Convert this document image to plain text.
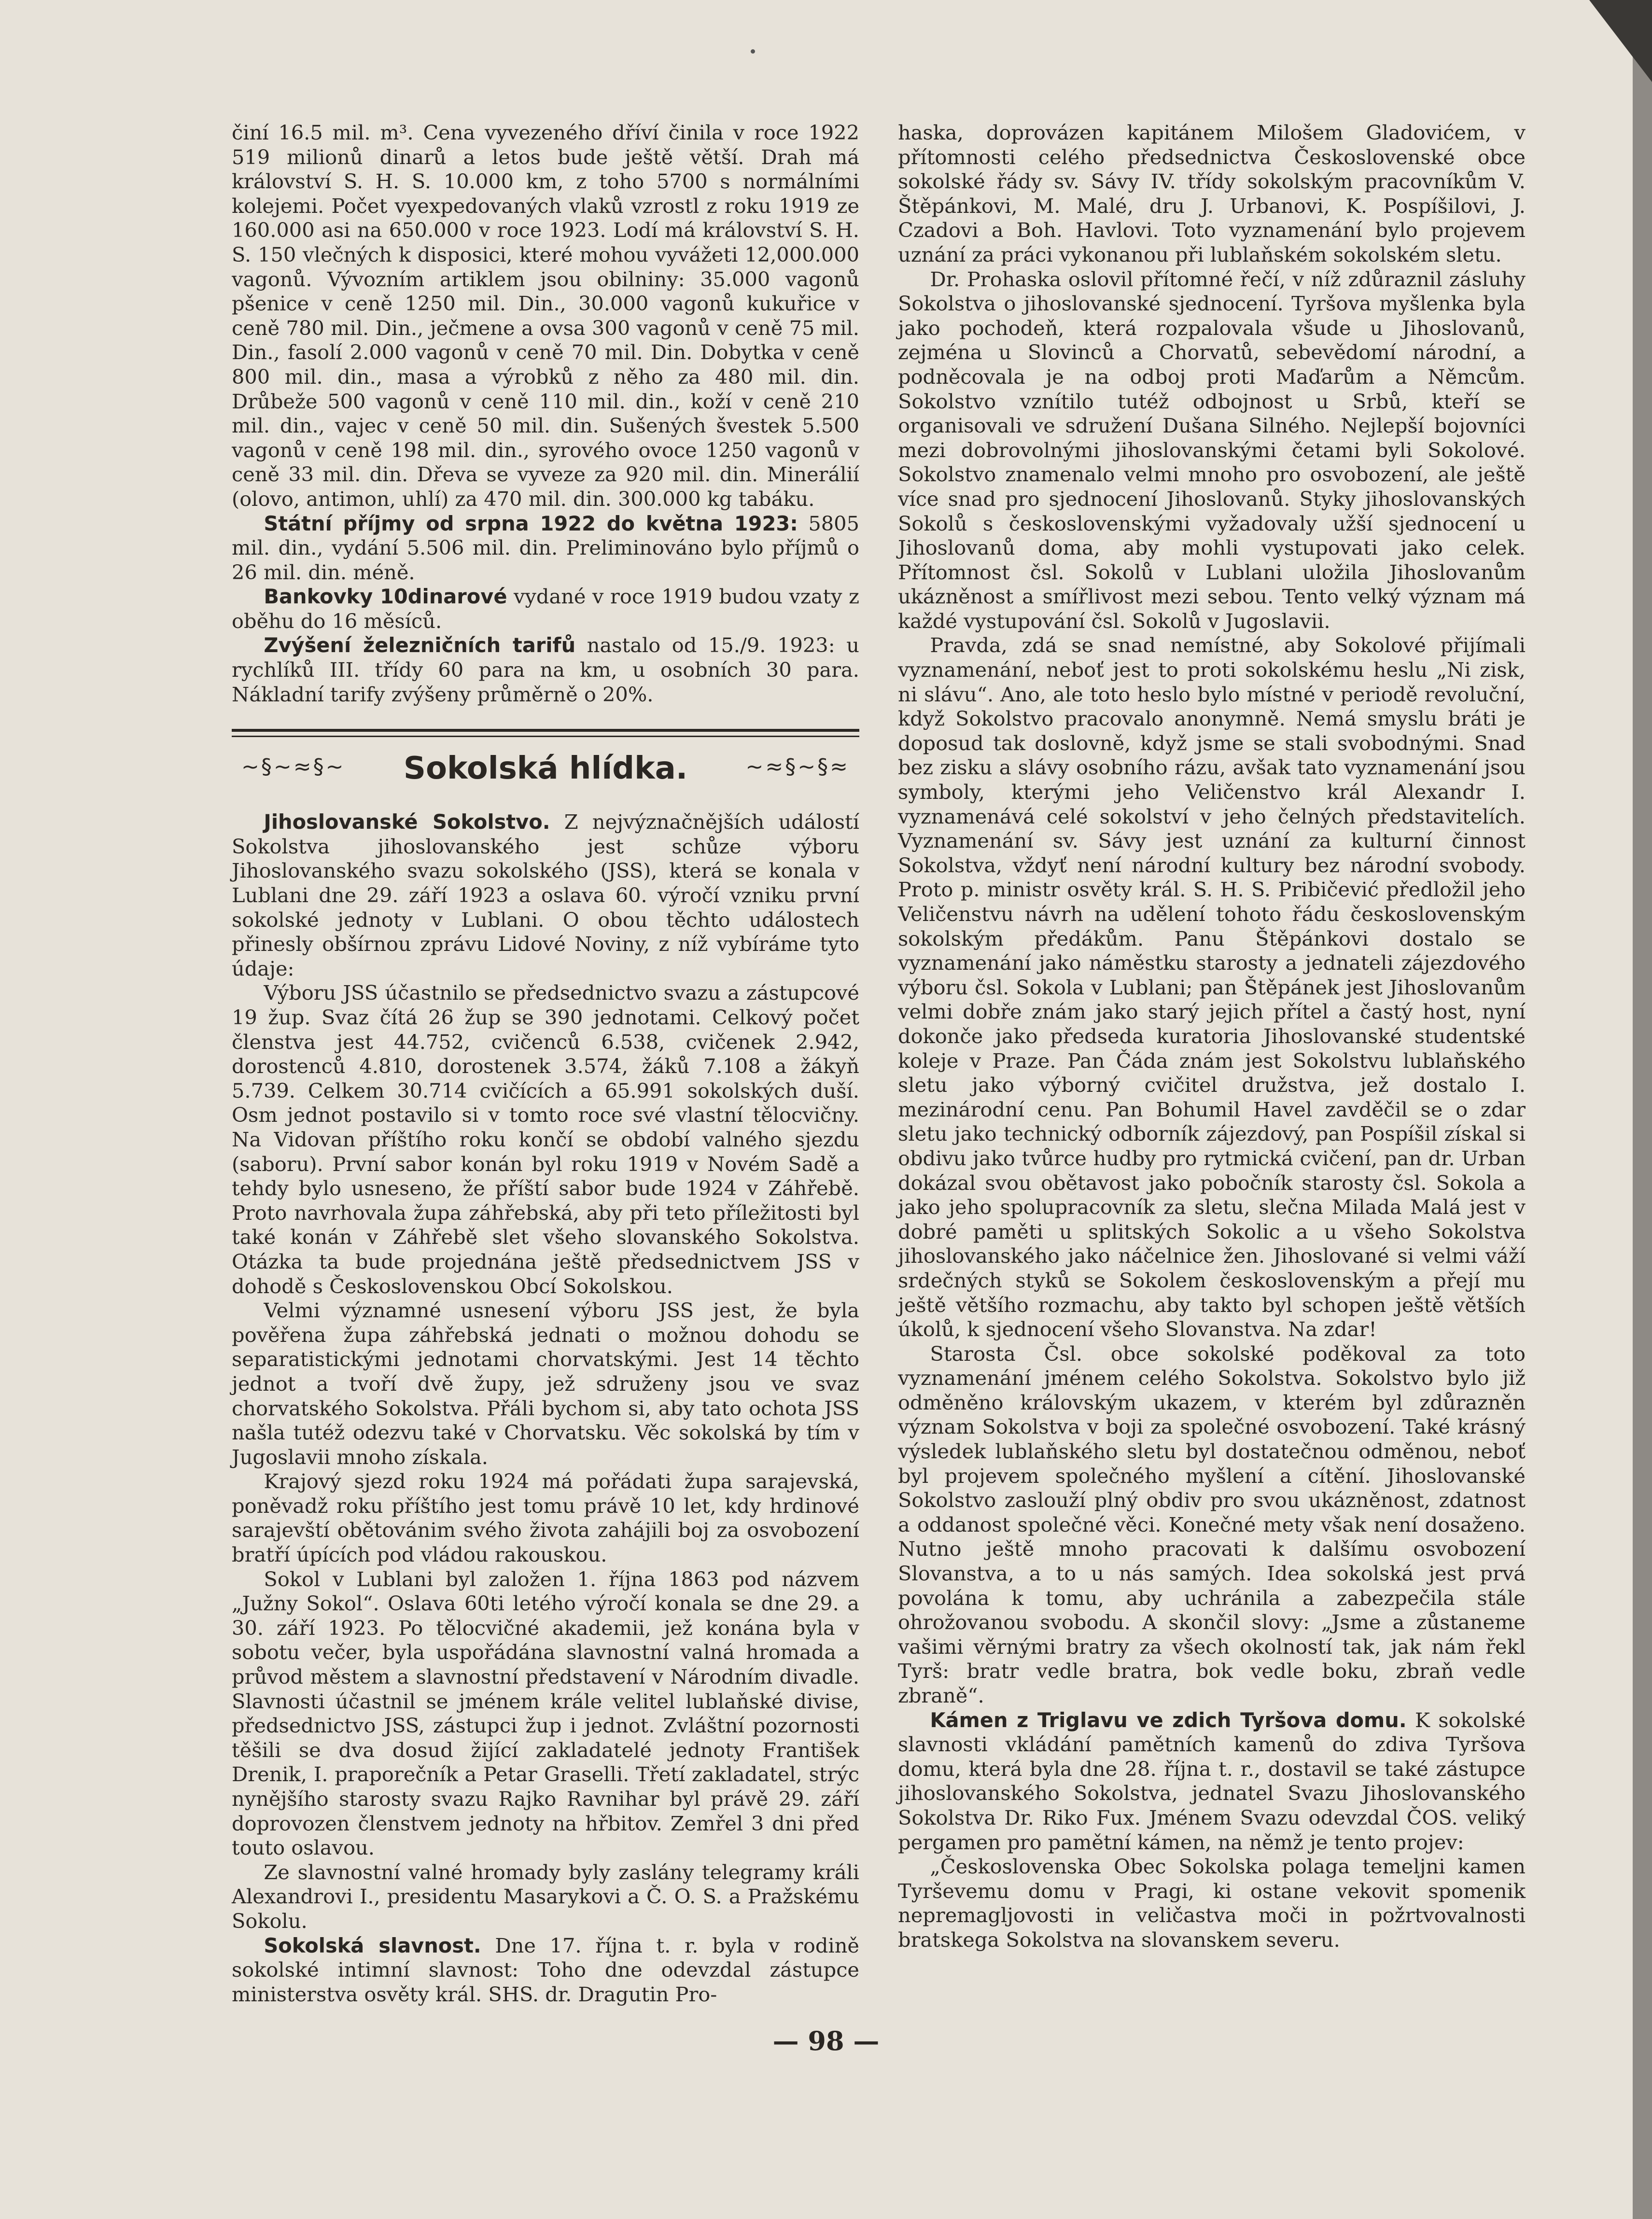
činí 16.5 mil. m³. Cena vyvezeného dříví činila v roce 1922 519 milionů dinarů a letos bude ještě větší. Drah má království S. H. S. 10.000 km, z toho 5700 s normálními kolejemi. Počet vyexpedovaných vlaků vzrostl z roku 1919 ze 160.000 asi na 650.000 v roce 1923. Lodí má království S. H. S. 150 vlečných k disposici, které mohou vyvážeti 12,000.000 vagonů. Vývozním artiklem jsou obilniny: 35.000 vagonů pšenice v ceně 1250 mil. Din., 30.000 vagonů kukuřice v ceně 780 mil. Din., ječmene a ovsa 300 vagonů v ceně 75 mil. Din., fasolí 2.000 vagonů v ceně 70 mil. Din. Dobytka v ceně 800 mil. din., masa a výrobků z něho za 480 mil. din. Drůbeže 500 vagonů v ceně 110 mil. din., koží v ceně 210 mil. din., vajec v ceně 50 mil. din. Sušených švestek 5.500 vagonů v ceně 198 mil. din., syrového ovoce 1250 vagonů v ceně 33 mil. din. Dřeva se vyveze za 920 mil. din. Minerálií (olovo, antimon, uhlí) za 470 mil. din. 300.000 kg tabáku.

Státní příjmy od srpna 1922 do května 1923: 5805 mil. din., vydání 5.506 mil. din. Preliminováno bylo příjmů o 26 mil. din. méně.

Bankovky 10dinarové vydané v roce 1919 budou vzaty z oběhu do 16 měsíců.

Zvýšení železničních tarifů nastalo od 15./9. 1923: u rychlíků III. třídy 60 para na km, u osobních 30 para. Nákladní tarify zvýšeny průměrně o 20%.

~§~≈§~	Sokolská hlídka.	~≈§~§≈

Jihoslovanské Sokolstvo. Z nejvýznačnějších událostí Sokolstva jihoslovanského jest schůze výboru Jihoslovanského svazu sokolského (JSS), která se konala v Lublani dne 29. září 1923 a oslava 60. výročí vzniku první sokolské jednoty v Lublani. O obou těchto událostech přinesly obšírnou zprávu Lidové Noviny, z níž vybíráme tyto údaje:

Výboru JSS účastnilo se předsednictvo svazu a zástupcové 19 žup. Svaz čítá 26 žup se 390 jednotami. Celkový počet členstva jest 44.752, cvičenců 6.538, cvičenek 2.942, dorostenců 4.810, dorostenek 3.574, žáků 7.108 a žákyň 5.739. Celkem 30.714 cvičících a 65.991 sokolských duší. Osm jednot postavilo si v tomto roce své vlastní tělocvičny. Na Vidovan příštího roku končí se období valného sjezdu (saboru). První sabor konán byl roku 1919 v Novém Sadě a tehdy bylo usneseno, že příští sabor bude 1924 v Záhřebě. Proto navrhovala župa záhřebská, aby při teto příležitosti byl také konán v Záhřebě slet všeho slovanského Sokolstva. Otázka ta bude projednána ještě předsednictvem JSS v dohodě s Československou Obcí Sokolskou.

Velmi významné usnesení výboru JSS jest, že byla pověřena župa záhřebská jednati o možnou dohodu se separatistickými jednotami chorvatskými. Jest 14 těchto jednot a tvoří dvě župy, jež sdruženy jsou ve svaz chorvatského Sokolstva. Přáli bychom si, aby tato ochota JSS našla tutéž odezvu také v Chorvatsku. Věc sokolská by tím v Jugoslavii mnoho získala.

Krajový sjezd roku 1924 má pořádati župa sarajevská, poněvadž roku příštího jest tomu právě 10 let, kdy hrdinové sarajevští obětovánim svého života zahájili boj za osvobození bratří úpících pod vládou rakouskou.

Sokol v Lublani byl založen 1. října 1863 pod názvem „Južny Sokol“. Oslava 60ti letého výročí konala se dne 29. a 30. září 1923. Po tělocvičné akademii, jež konána byla v sobotu večer, byla uspořádána slavnostní valná hromada a průvod městem a slavnostní představení v Národním divadle. Slavnosti účastnil se jménem krále velitel lublaňské divise, předsednictvo JSS, zástupci žup i jednot. Zvláštní pozornosti těšili se dva dosud žijící zakladatelé jednoty František Drenik, I. praporečník a Petar Graselli. Třetí zakladatel, strýc nynějšího starosty svazu Rajko Ravnihar byl právě 29. září doprovozen členstvem jednoty na hřbitov. Zemřel 3 dni před touto oslavou.

Ze slavnostní valné hromady byly zaslány telegramy králi Alexandrovi I., presidentu Masarykovi a Č. O. S. a Pražskému Sokolu.

Sokolská slavnost. Dne 17. října t. r. byla v rodině sokolské intimní slavnost: Toho dne odevzdal zástupce ministerstva osvěty král. SHS. dr. Dragutin Pro-

haska, doprovázen kapitánem Milošem Gladovićem, v přítomnosti celého předsednictva Československé obce sokolské řády sv. Sávy IV. třídy sokolským pracovníkům V. Štěpánkovi, M. Malé, dru J. Urbanovi, K. Pospíšilovi, J. Czadovi a Boh. Havlovi. Toto vyznamenání bylo projevem uznání za práci vykonanou při lublaňském sokolském sletu.

Dr. Prohaska oslovil přítomné řečí, v níž zdůraznil zásluhy Sokolstva o jihoslovanské sjednocení. Tyršova myšlenka byla jako pochodeň, která rozpalovala všude u Jihoslovanů, zejména u Slovinců a Chorvatů, sebevědomí národní, a podněcovala je na odboj proti Maďarům a Němcům. Sokolstvo vznítilo tutéž odbojnost u Srbů, kteří se organisovali ve sdružení Dušana Silného. Nejlepší bojovníci mezi dobrovolnými jihoslovanskými četami byli Sokolové. Sokolstvo znamenalo velmi mnoho pro osvobození, ale ještě více snad pro sjednocení Jihoslovanů. Styky jihoslovanských Sokolů s československými vyžadovaly užší sjednocení u Jihoslovanů doma, aby mohli vystupovati jako celek. Přítomnost čsl. Sokolů v Lublani uložila Jihoslovanům ukázněnost a smířlivost mezi sebou. Tento velký význam má každé vystupování čsl. Sokolů v Jugoslavii.

Pravda, zdá se snad nemístné, aby Sokolové přijímali vyznamenání, neboť jest to proti sokolskému heslu „Ni zisk, ni slávu“. Ano, ale toto heslo bylo místné v periodě revoluční, když Sokolstvo pracovalo anonymně. Nemá smyslu bráti je doposud tak doslovně, když jsme se stali svobodnými. Snad bez zisku a slávy osobního rázu, avšak tato vyznamenání jsou symboly, kterými jeho Veličenstvo král Alexandr I. vyznamenává celé sokolství v jeho čelných představitelích. Vyznamenání sv. Sávy jest uznání za kulturní činnost Sokolstva, vždyť není národní kultury bez národní svobody. Proto p. ministr osvěty král. S. H. S. Pribičević předložil jeho Veličenstvu návrh na udělení tohoto řádu československým sokolským předákům. Panu Štěpánkovi dostalo se vyznamenání jako náměstku starosty a jednateli zájezdového výboru čsl. Sokola v Lublani; pan Štěpánek jest Jihoslovanům velmi dobře znám jako starý jejich přítel a častý host, nyní dokonče jako předseda kuratoria Jihoslovanské studentské koleje v Praze. Pan Čáda znám jest Sokolstvu lublaňského sletu jako výborný cvičitel družstva, jež dostalo I. mezinárodní cenu. Pan Bohumil Havel zavděčil se o zdar sletu jako technický odborník zájezdový, pan Pospíšil získal si obdivu jako tvůrce hudby pro rytmická cvičení, pan dr. Urban dokázal svou obětavost jako pobočník starosty čsl. Sokola a jako jeho spolupracovník za sletu, slečna Milada Malá jest v dobré paměti u splitských Sokolic a u všeho Sokolstva jihoslovanského jako náčelnice žen. Jihoslované si velmi váží srdečných styků se Sokolem československým a přejí mu ještě většího rozmachu, aby takto byl schopen ještě větších úkolů, k sjednocení všeho Slovanstva. Na zdar!

Starosta Čsl. obce sokolské poděkoval za toto vyznamenání jménem celého Sokolstva. Sokolstvo bylo již odměněno královským ukazem, v kterém byl zdůrazněn význam Sokolstva v boji za společné osvobození. Také krásný výsledek lublaňského sletu byl dostatečnou odměnou, neboť byl projevem společného myšlení a cítění. Jihoslovanské Sokolstvo zaslouží plný obdiv pro svou ukázněnost, zdatnost a oddanost společné věci. Konečné mety však není dosaženo. Nutno ještě mnoho pracovati k dalšímu osvobození Slovanstva, a to u nás samých. Idea sokolská jest prvá povolána k tomu, aby uchránila a zabezpečila stále ohrožovanou svobodu. A skončil slovy: „Jsme a zůstaneme vašimi věrnými bratry za všech okolností tak, jak nám řekl Tyrš: bratr vedle bratra, bok vedle boku, zbraň vedle zbraně“.

Kámen z Triglavu ve zdich Tyršova domu. K sokolské slavnosti vkládání pamětních kamenů do zdiva Tyršova domu, která byla dne 28. října t. r., dostavil se také zástupce jihoslovanského Sokolstva, jednatel Svazu Jihoslovanského Sokolstva Dr. Riko Fux. Jménem Svazu odevzdal ČOS. veliký pergamen pro pamětní kámen, na němž je tento projev:

„Československa Obec Sokolska polaga temeljni kamen Tyrševemu domu v Pragi, ki ostane vekovit spomenik nepremagljovosti in veličastva moči in požrtvovalnosti bratskega Sokolstva na slovanskem severu.

— 98 —
